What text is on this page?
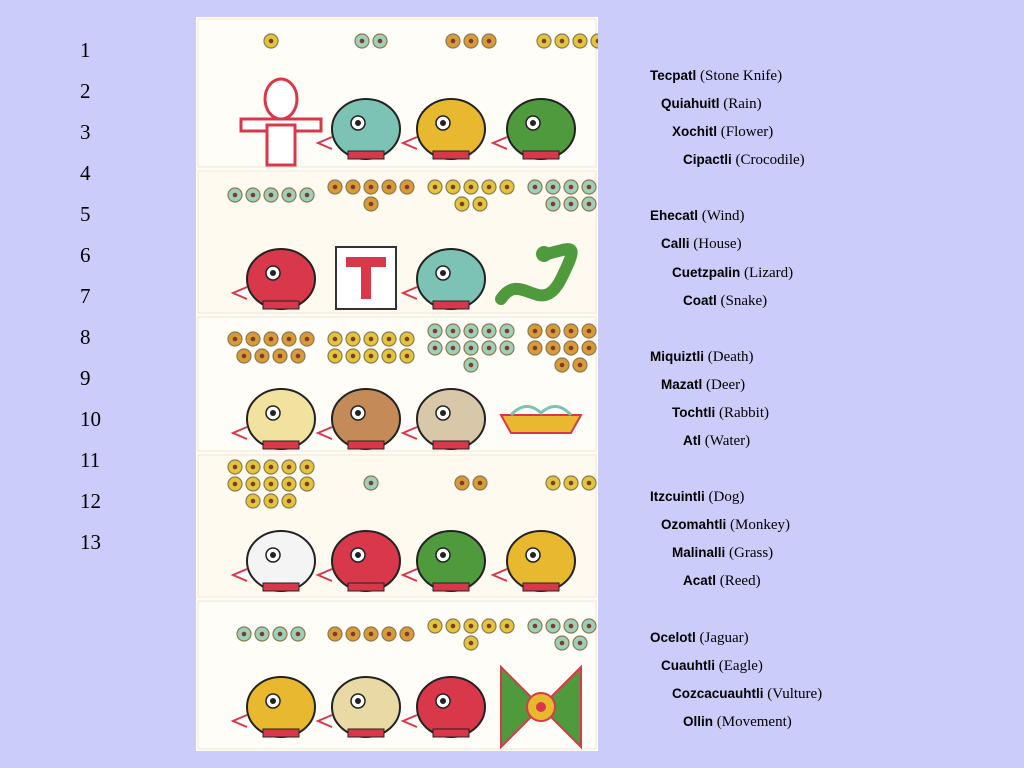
1
2
3
4
5
6
7
8
9
10
11
12
13
Tecpatl (Stone Knife)
Quiahuitl (Rain)
Xochitl (Flower)
Cipactli (Crocodile)
Ehecatl (Wind)
Calli (House)
Cuetzpalin (Lizard)
Coatl (Snake)
Miquiztli (Death)
Mazatl (Deer)
Tochtli (Rabbit)
Atl (Water)
Itzcuintli (Dog)
Ozomahtli (Monkey)
Malinalli (Grass)
Acatl (Reed)
Ocelotl (Jaguar)
Cuauhtli (Eagle)
Cozcacuauhtli (Vulture)
Ollin (Movement)
